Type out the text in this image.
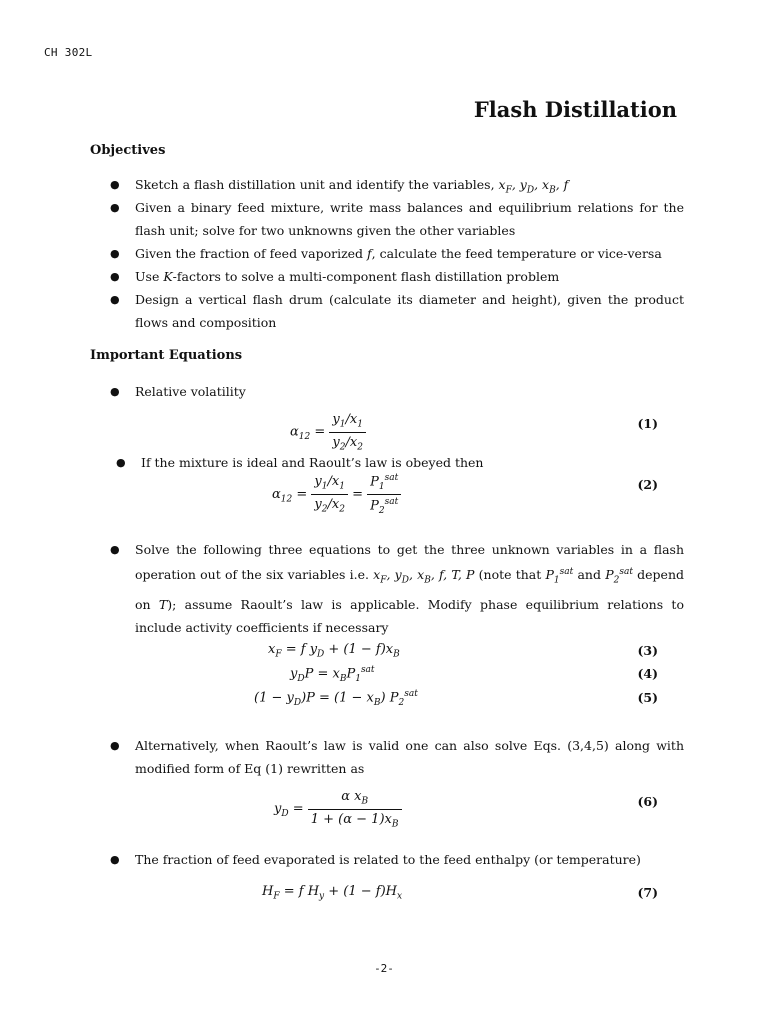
CH 302L
Flash Distillation
Objectives
● Sketch a flash distillation unit and identify the variables, $x_F$, $y_D$, $x_B$, f
● Given a binary feed mixture, write mass balances and equilibrium relations for the flash unit; solve for two unknowns given the other variables
● Given the fraction of feed vaporized f, calculate the feed temperature or vice-versa
● Use K-factors to solve a multi-component flash distillation problem
● Design a vertical flash drum (calculate its diameter and height), given the product flows and composition
Important Equations
● Relative volatility
$\alpha_{12} = \frac{y_1/x_1}{y_2/x_2}$	(1)
● If the mixture is ideal and Raoult’s law is obeyed then
$\alpha_{12} = \frac{y_1/x_1}{y_2/x_2} = \frac{P_1^{sat}}{P_2^{sat}}$	(2)
● Solve the following three equations to get the three unknown variables in a flash operation out of the six variables i.e. $x_F$, $y_D$, $x_B$, f, T, P (note that $P_1^{sat}$ and $P_2^{sat}$ depend on T); assume Raoult’s law is applicable. Modify phase equilibrium relations to include activity coefficients if necessary
$x_F = f$ $y_D + (1 - f)x_B$	(3)
$y_DP = x_BP_1^{sat}$	(4)
$(1 - y_D)P = (1 - x_B)$ $P_2^{sat}$	(5)
● Alternatively, when Raoult’s law is valid one can also solve Eqs. (3,4,5) along with modified form of Eq (1) rewritten as
$y_D = \frac{\alpha x_B}{1 + (\alpha - 1)x_B}$	(6)
● The fraction of feed evaporated is related to the feed enthalpy (or temperature)
$H_F = f$ $H_y + (1 - f)H_x$	(7)
-2-
